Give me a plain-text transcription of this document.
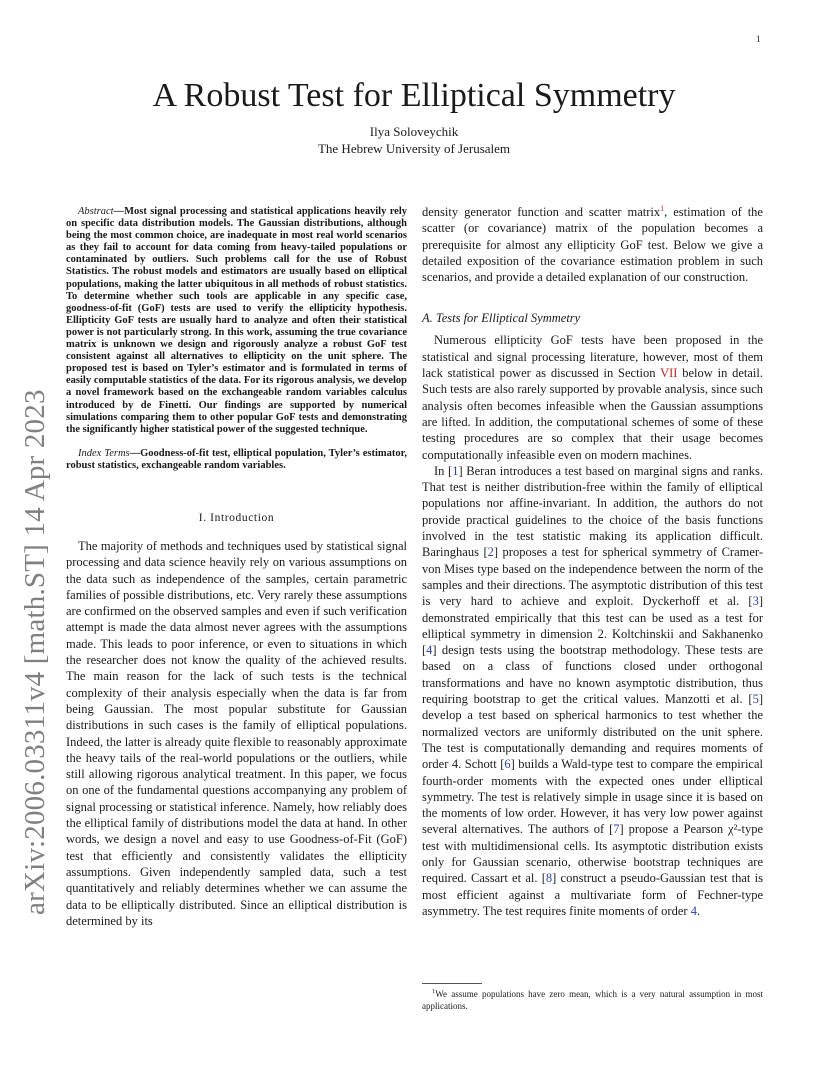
1
arXiv:2006.03311v4 [math.ST] 14 Apr 2023
A Robust Test for Elliptical Symmetry
Ilya Soloveychik
The Hebrew University of Jerusalem

Abstract—Most signal processing and statistical applications heavily rely on specific data distribution models. The Gaussian distributions, although being the most common choice, are inadequate in most real world scenarios as they fail to account for data coming from heavy-tailed populations or contaminated by outliers. Such problems call for the use of Robust Statistics. The robust models and estimators are usually based on elliptical populations, making the latter ubiquitous in all methods of robust statistics. To determine whether such tools are applicable in any specific case, goodness-of-fit (GoF) tests are used to verify the ellipticity hypothesis. Ellipticity GoF tests are usually hard to analyze and often their statistical power is not particularly strong. In this work, assuming the true covariance matrix is unknown we design and rigorously analyze a robust GoF test consistent against all alternatives to ellipticity on the unit sphere. The proposed test is based on Tyler’s estimator and is formulated in terms of easily computable statistics of the data. For its rigorous analysis, we develop a novel framework based on the exchangeable random variables calculus introduced by de Finetti. Our findings are supported by numerical simulations comparing them to other popular GoF tests and demonstrating the significantly higher statistical power of the suggested technique.

Index Terms—Goodness-of-fit test, elliptical population, Tyler’s estimator, robust statistics, exchangeable random variables.

I. Introduction

The majority of methods and techniques used by statistical signal processing and data science heavily rely on various assumptions on the data such as independence of the samples, certain parametric families of possible distributions, etc. Very rarely these assumptions are confirmed on the observed samples and even if such verification attempt is made the data almost never agrees with the assumptions made. This leads to poor inference, or even to situations in which the researcher does not know the quality of the achieved results. The main reason for the lack of such tests is the technical complexity of their analysis especially when the data is far from being Gaussian. The most popular substitute for Gaussian distributions in such cases is the family of elliptical populations. Indeed, the latter is already quite flexible to reasonably approximate the heavy tails of the real-world populations or the outliers, while still allowing rigorous analytical treatment. In this paper, we focus on one of the fundamental questions accompanying any problem of signal processing or statistical inference. Namely, how reliably does the elliptical family of distributions model the data at hand. In other words, we design a novel and easy to use Goodness-of-Fit (GoF) test that efficiently and consistently validates the ellipticity assumptions. Given independently sampled data, such a test quantitatively and reliably determines whether we can assume the data to be elliptically distributed. Since an elliptical distribution is determined by its

density generator function and scatter matrix$^1$, estimation of the scatter (or covariance) matrix of the population becomes a prerequisite for almost any ellipticity GoF test. Below we give a detailed exposition of the covariance estimation problem in such scenarios, and provide a detailed explanation of our construction.

A. Tests for Elliptical Symmetry

Numerous ellipticity GoF tests have been proposed in the statistical and signal processing literature, however, most of them lack statistical power as discussed in Section VII below in detail. Such tests are also rarely supported by provable analysis, since such analysis often becomes infeasible when the Gaussian assumptions are lifted. In addition, the computational schemes of some of these testing procedures are so complex that their usage becomes computationally infeasible even on modern machines.

In [1] Beran introduces a test based on marginal signs and ranks. That test is neither distribution-free within the family of elliptical populations nor affine-invariant. In addition, the authors do not provide practical guidelines to the choice of the basis functions involved in the test statistic making its application difficult. Baringhaus [2] proposes a test for spherical symmetry of Cramer-von Mises type based on the independence between the norm of the samples and their directions. The asymptotic distribution of this test is very hard to achieve and exploit. Dyckerhoff et al. [3] demonstrated empirically that this test can be used as a test for elliptical symmetry in dimension 2. Koltchinskii and Sakhanenko [4] design tests using the bootstrap methodology. These tests are based on a class of functions closed under orthogonal transformations and have no known asymptotic distribution, thus requiring bootstrap to get the critical values. Manzotti et al. [5] develop a test based on spherical harmonics to test whether the normalized vectors are uniformly distributed on the unit sphere. The test is computationally demanding and requires moments of order 4. Schott [6] builds a Wald-type test to compare the empirical fourth-order moments with the expected ones under elliptical symmetry. The test is relatively simple in usage since it is based on the moments of low order. However, it has very low power against several alternatives. The authors of [7] propose a Pearson χ²-type test with multidimensional cells. Its asymptotic distribution exists only for Gaussian scenario, otherwise bootstrap techniques are required. Cassart et al. [8] construct a pseudo-Gaussian test that is most efficient against a multivariate form of Fechner-type asymmetry. The test requires finite moments of order 4.

$^1$We assume populations have zero mean, which is a very natural assumption in most applications.
